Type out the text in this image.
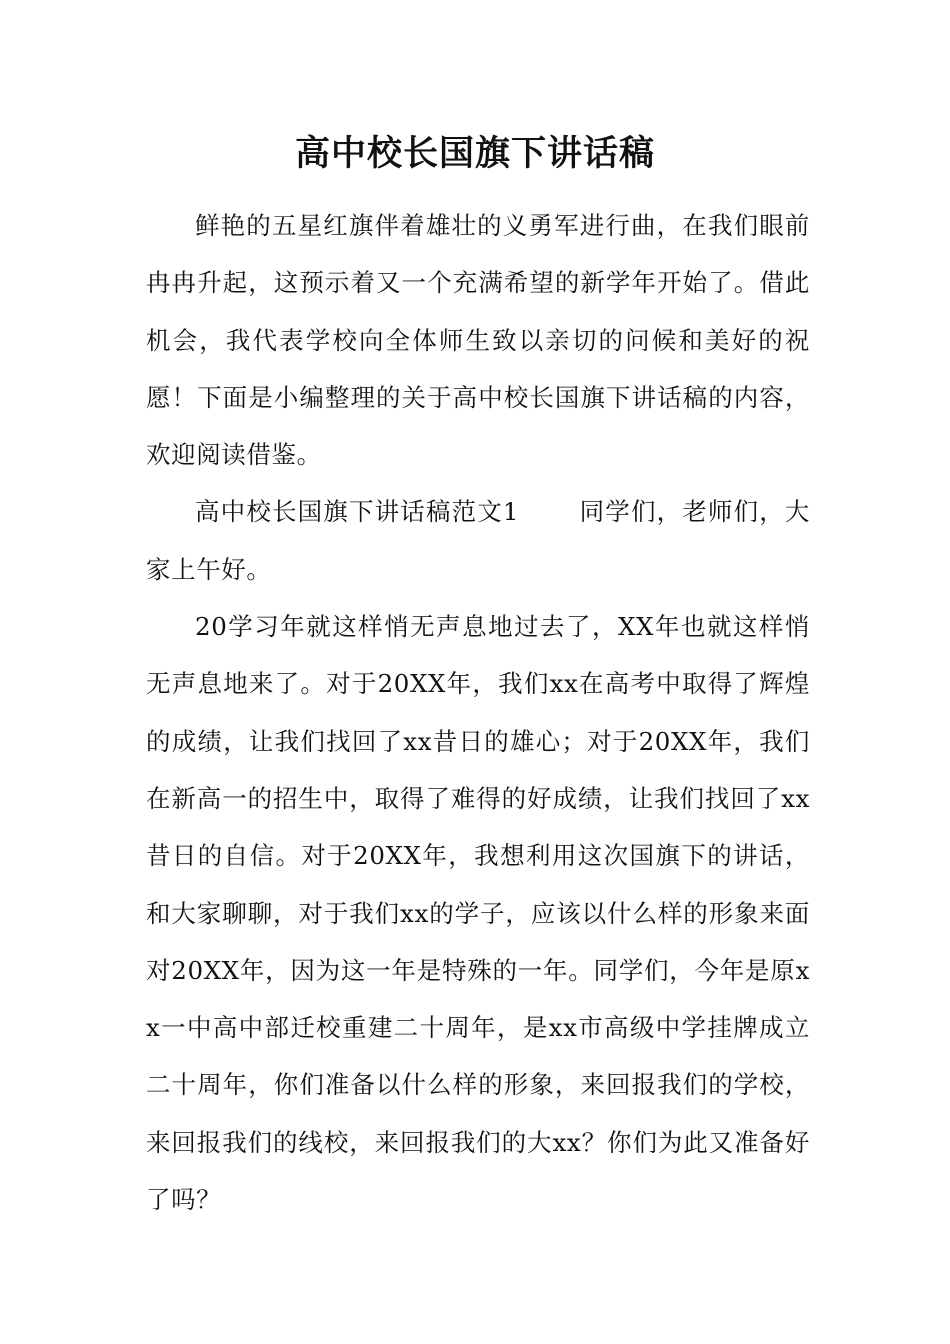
高中校长国旗下讲话稿

鲜艳的五星红旗伴着雄壮的义勇军进行曲，在我们眼前冉冉升起，这预示着又一个充满希望的新学年开始了。借此机会，我代表学校向全体师生致以亲切的问候和美好的祝愿！下面是小编整理的关于高中校长国旗下讲话稿的内容，欢迎阅读借鉴。

高中校长国旗下讲话稿范文1 同学们，老师们，大家上午好。

20学习年就这样悄无声息地过去了，XX年也就这样悄无声息地来了。对于20XX年，我们xx在高考中取得了辉煌的成绩，让我们找回了xx昔日的雄心；对于20XX年，我们在新高一的招生中，取得了难得的好成绩，让我们找回了xx昔日的自信。对于20XX年，我想利用这次国旗下的讲话，和大家聊聊，对于我们xx的学子，应该以什么样的形象来面对20XX年，因为这一年是特殊的一年。同学们，今年是原xx一中高中部迁校重建二十周年，是xx市高级中学挂牌成立二十周年，你们准备以什么样的形象，来回报我们的学校，来回报我们的线校，来回报我们的大xx？你们为此又准备好了吗？
